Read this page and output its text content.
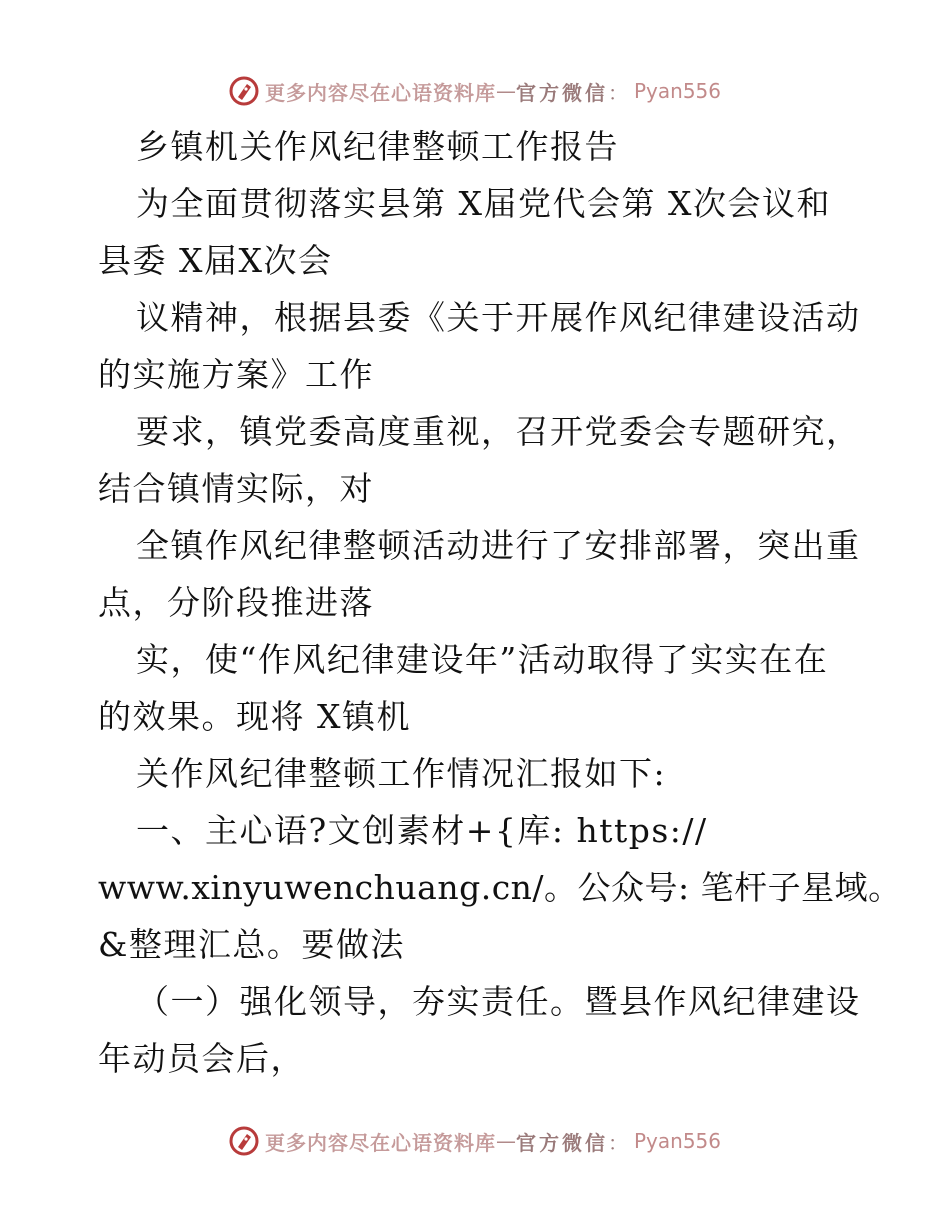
更多内容尽在心语资料库 — 官方微信 ： Pyan556
乡镇机关作风纪律整顿工作报告
为全面贯彻落实县第 X届党代会第 X次会议和
县委 X届X次会
议精神，根据县委《关于开展作风纪律建设活动
的实施方案》工作
要求，镇党委高度重视，召开党委会专题研究，
结合镇情实际，对
全镇作风纪律整顿活动进行了安排部署，突出重
点，分阶段推进落
实，使“作风纪律建设年”活动取得了实实在在
的效果。现将 X镇机
关作风纪律整顿工作情况汇报如下:
一、主心语?文创素材+{库: https://
www.xinyuwenchuang.cn/。公众号: 笔杆子星域。
&整理汇总。要做法
（一）强化领导，夯实责任。暨县作风纪律建设
年动员会后，
更多内容尽在心语资料库 — 官方微信 ： Pyan556
